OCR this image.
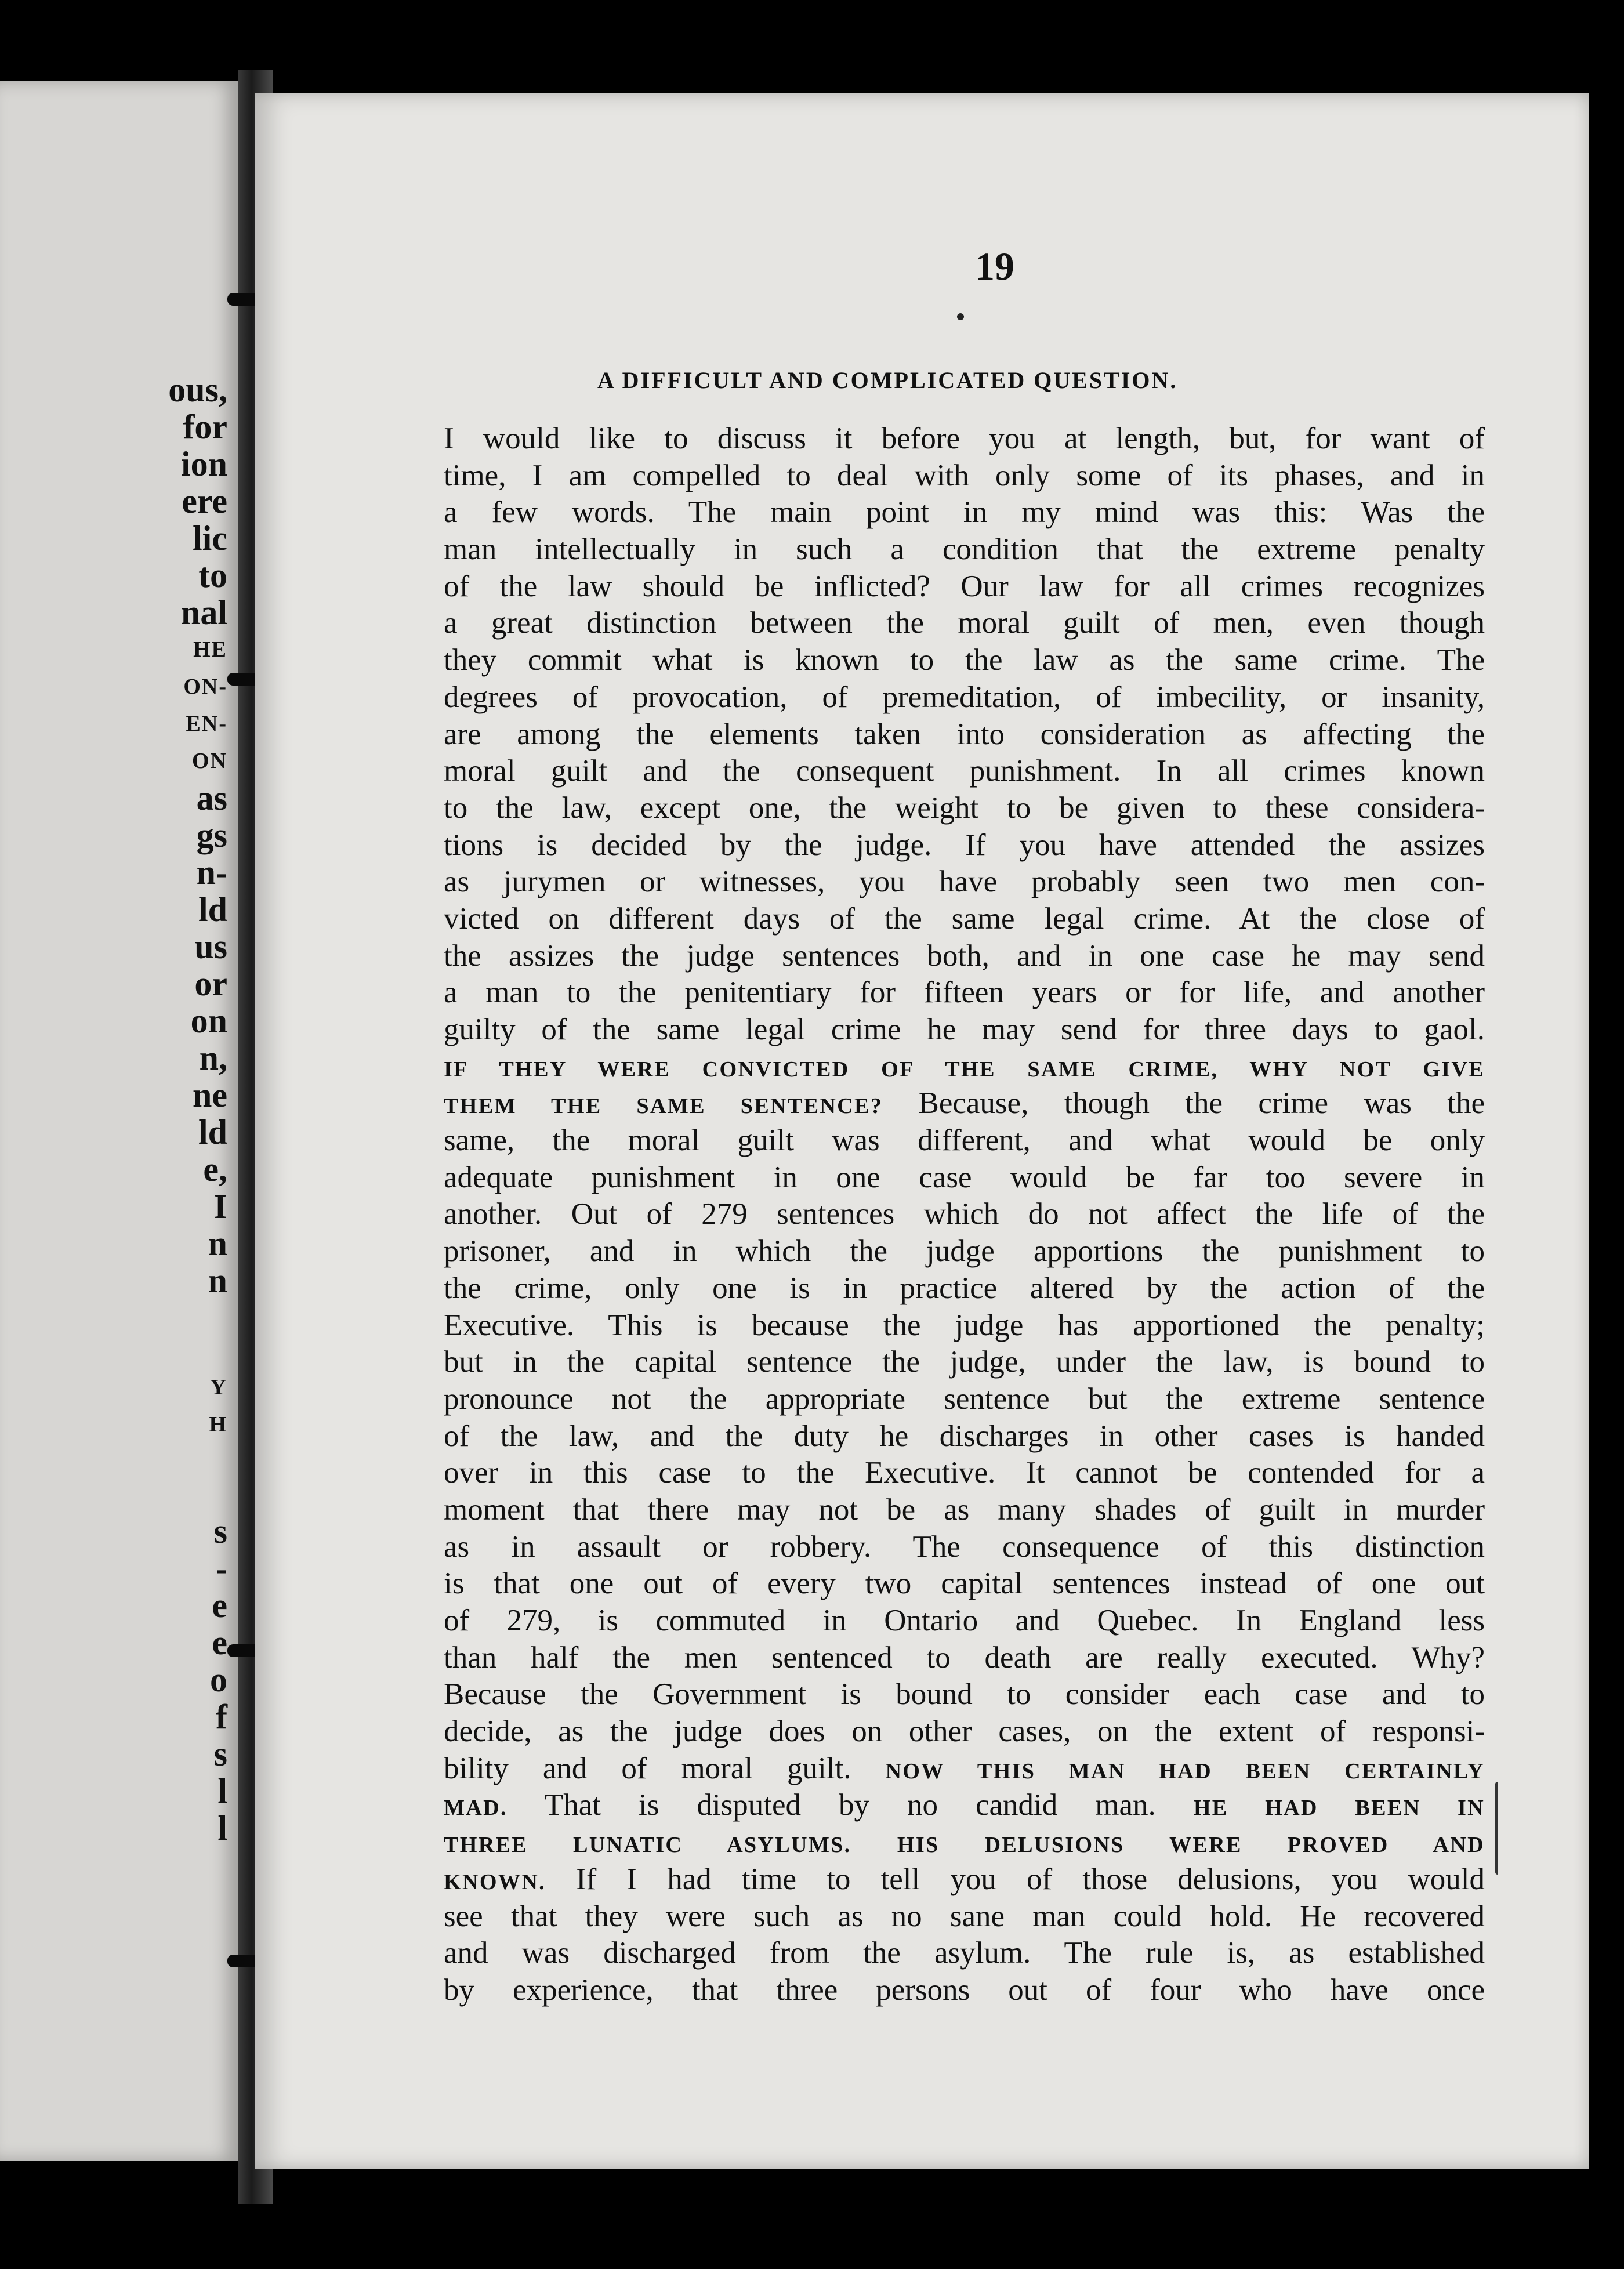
ous,
for
ion
ere
lic
to
nal
HE
ON-
EN-
ON
as
gs
n-
ld
us
or
on
n,
ne
ld
e,
I
n
n
Y
H
s
-
e
e
o
f
s
l
l
19
A DIFFICULT AND COMPLICATED QUESTION.
I would like to discuss it before you at length, but, for want of
time, I am compelled to deal with only some of its phases, and in
a few words. The main point in my mind was this: Was the
man intellectually in such a condition that the extreme penalty
of the law should be inflicted? Our law for all crimes recognizes
a great distinction between the moral guilt of men, even though
they commit what is known to the law as the same crime. The
degrees of provocation, of premeditation, of imbecility, or insanity,
are among the elements taken into consideration as affecting the
moral guilt and the consequent punishment. In all crimes known
to the law, except one, the weight to be given to these considera-
tions is decided by the judge. If you have attended the assizes
as jurymen or witnesses, you have probably seen two men con-
victed on different days of the same legal crime. At the close of
the assizes the judge sentences both, and in one case he may send
a man to the penitentiary for fifteen years or for life, and another
guilty of the same legal crime he may send for three days to gaol.
IF THEY WERE CONVICTED OF THE SAME CRIME, WHY NOT GIVE
THEM THE SAME SENTENCE? Because, though the crime was the
same, the moral guilt was different, and what would be only
adequate punishment in one case would be far too severe in
another. Out of 279 sentences which do not affect the life of the
prisoner, and in which the judge apportions the punishment to
the crime, only one is in practice altered by the action of the
Executive. This is because the judge has apportioned the penalty;
but in the capital sentence the judge, under the law, is bound to
pronounce not the appropriate sentence but the extreme sentence
of the law, and the duty he discharges in other cases is handed
over in this case to the Executive. It cannot be contended for a
moment that there may not be as many shades of guilt in murder
as in assault or robbery. The consequence of this distinction
is that one out of every two capital sentences instead of one out
of 279, is commuted in Ontario and Quebec. In England less
than half the men sentenced to death are really executed. Why?
Because the Government is bound to consider each case and to
decide, as the judge does on other cases, on the extent of responsi-
bility and of moral guilt. NOW THIS MAN HAD BEEN CERTAINLY
MAD. That is disputed by no candid man. HE HAD BEEN IN
THREE LUNATIC ASYLUMS. HIS DELUSIONS WERE PROVED AND
KNOWN. If I had time to tell you of those delusions, you would
see that they were such as no sane man could hold. He recovered
and was discharged from the asylum. The rule is, as established
by experience, that three persons out of four who have once
